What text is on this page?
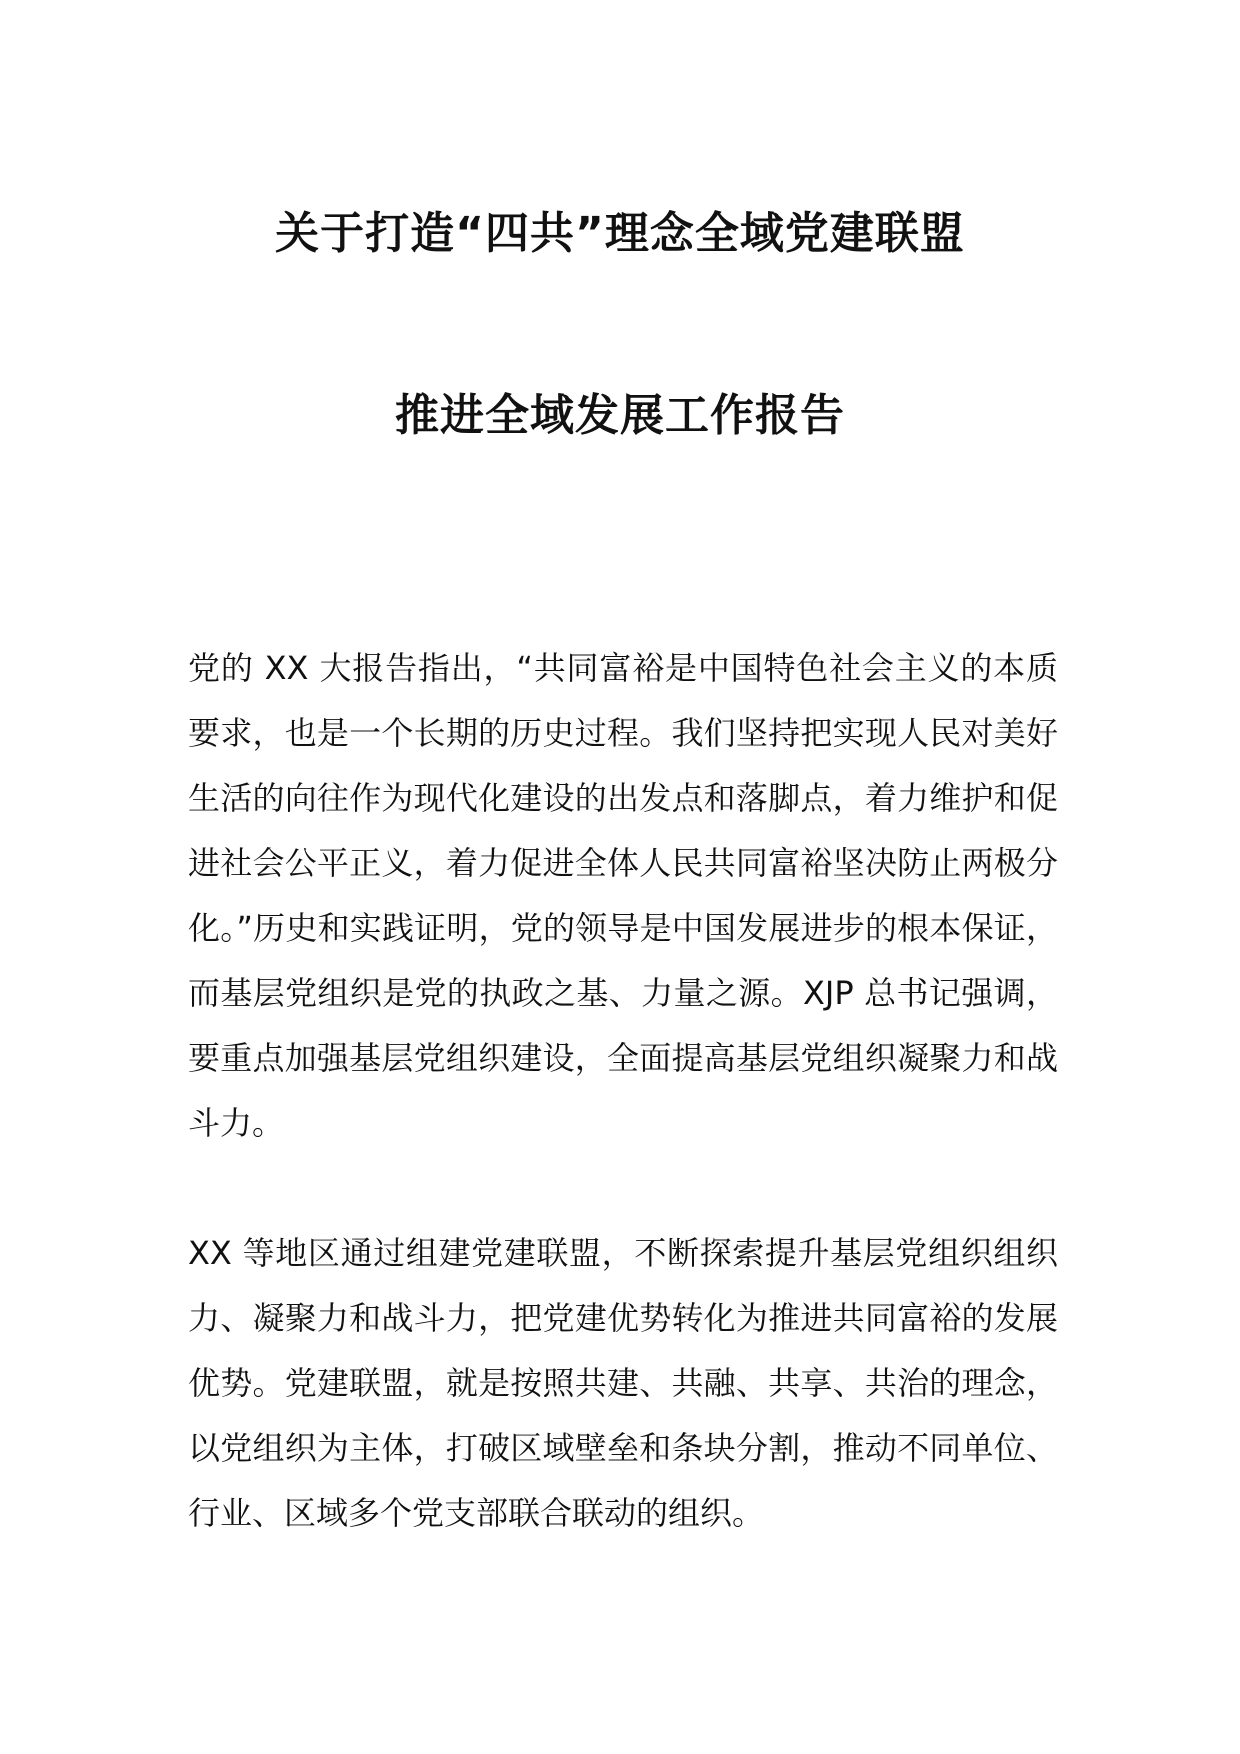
关于打造“四共”理念全域党建联盟
推进全域发展工作报告

党的 XX 大报告指出，“共同富裕是中国特色社会主义的本质要求，也是一个长期的历史过程。我们坚持把实现人民对美好生活的向往作为现代化建设的出发点和落脚点，着力维护和促进社会公平正义，着力促进全体人民共同富裕坚决防止两极分化。”历史和实践证明，党的领导是中国发展进步的根本保证，而基层党组织是党的执政之基、力量之源。XJP 总书记强调，要重点加强基层党组织建设，全面提高基层党组织凝聚力和战斗力。

XX 等地区通过组建党建联盟，不断探索提升基层党组织组织力、凝聚力和战斗力，把党建优势转化为推进共同富裕的发展优势。党建联盟，就是按照共建、共融、共享、共治的理念，以党组织为主体，打破区域壁垒和条块分割，推动不同单位、行业、区域多个党支部联合联动的组织。
